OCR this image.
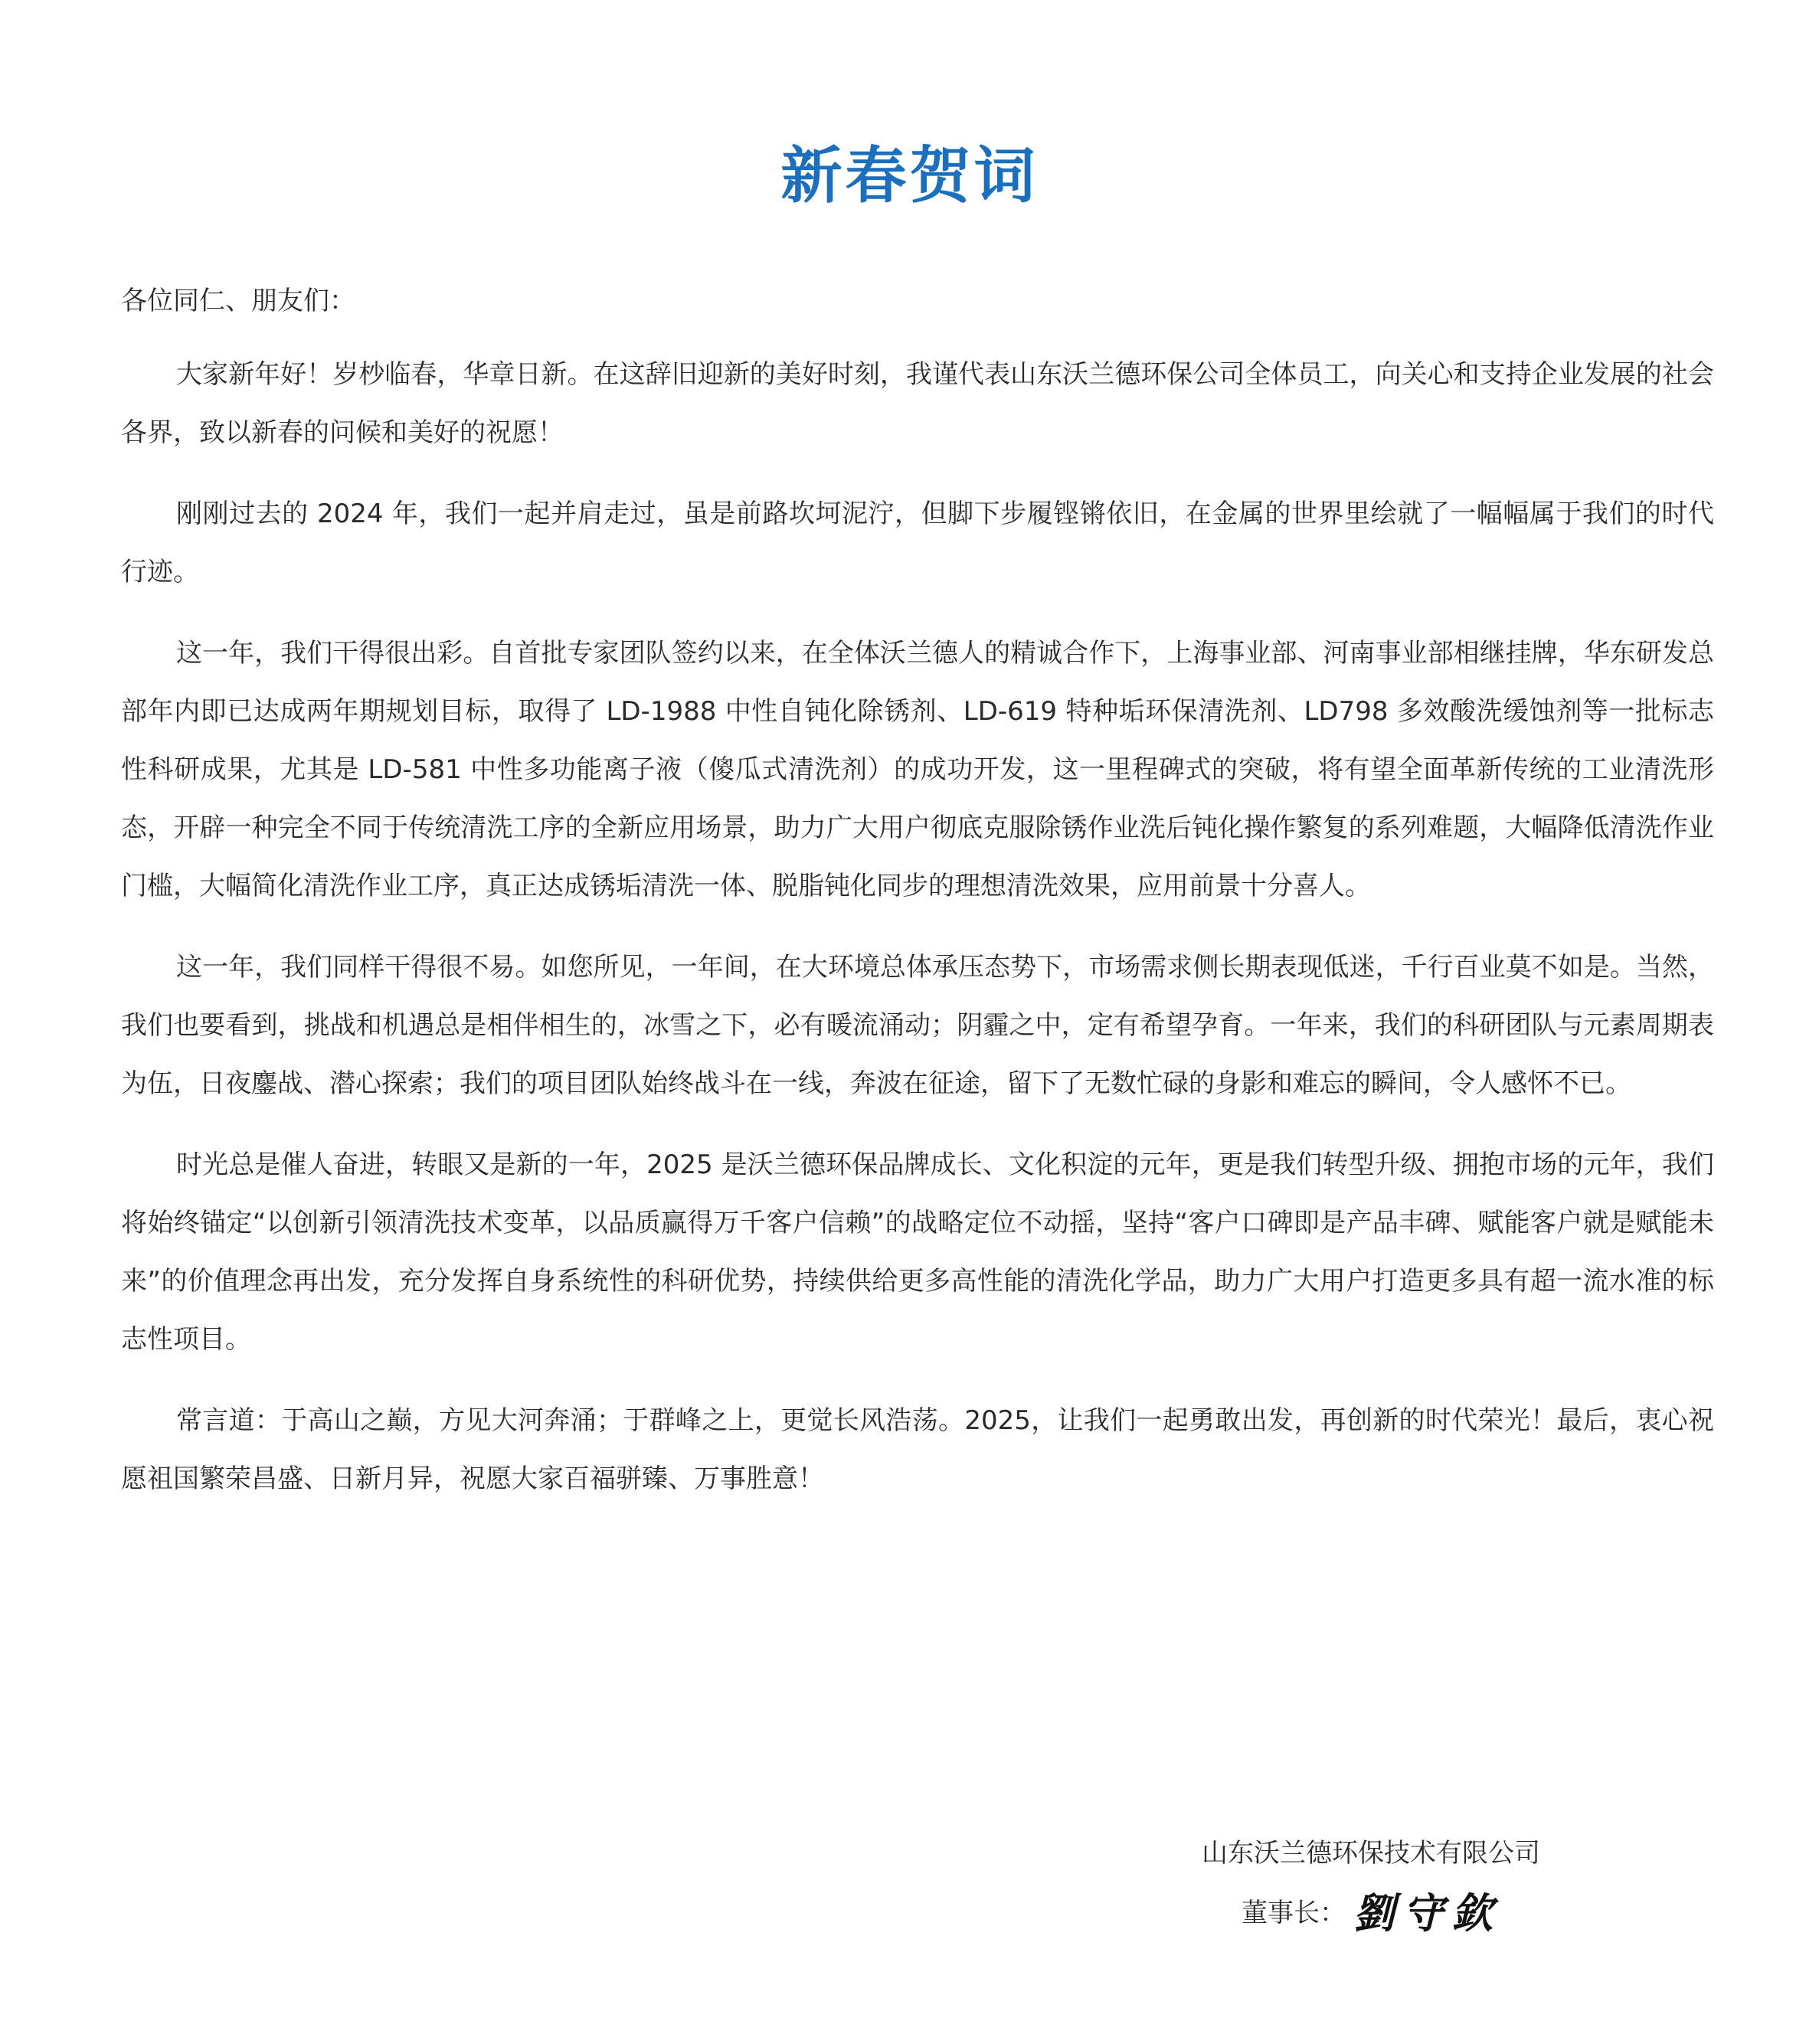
新春贺词

各位同仁、朋友们：

大家新年好！岁杪临春，华章日新。在这辞旧迎新的美好时刻，我谨代表山东沃兰德环保公司全体员工，向关心和支持企业发展的社会各界，致以新春的问候和美好的祝愿！

刚刚过去的 2024 年，我们一起并肩走过，虽是前路坎坷泥泞，但脚下步履铿锵依旧，在金属的世界里绘就了一幅幅属于我们的时代行迹。

这一年，我们干得很出彩。自首批专家团队签约以来，在全体沃兰德人的精诚合作下，上海事业部、河南事业部相继挂牌，华东研发总部年内即已达成两年期规划目标，取得了 LD-1988 中性自钝化除锈剂、LD-619 特种垢环保清洗剂、LD798 多效酸洗缓蚀剂等一批标志性科研成果，尤其是 LD-581 中性多功能离子液（傻瓜式清洗剂）的成功开发，这一里程碑式的突破，将有望全面革新传统的工业清洗形态，开辟一种完全不同于传统清洗工序的全新应用场景，助力广大用户彻底克服除锈作业洗后钝化操作繁复的系列难题，大幅降低清洗作业门槛，大幅简化清洗作业工序，真正达成锈垢清洗一体、脱脂钝化同步的理想清洗效果，应用前景十分喜人。

这一年，我们同样干得很不易。如您所见，一年间，在大环境总体承压态势下，市场需求侧长期表现低迷，千行百业莫不如是。当然，我们也要看到，挑战和机遇总是相伴相生的，冰雪之下，必有暖流涌动；阴霾之中，定有希望孕育。一年来，我们的科研团队与元素周期表为伍，日夜鏖战、潜心探索；我们的项目团队始终战斗在一线，奔波在征途，留下了无数忙碌的身影和难忘的瞬间，令人感怀不已。

时光总是催人奋进，转眼又是新的一年，2025 是沃兰德环保品牌成长、文化积淀的元年，更是我们转型升级、拥抱市场的元年，我们将始终锚定“以创新引领清洗技术变革，以品质赢得万千客户信赖”的战略定位不动摇，坚持“客户口碑即是产品丰碑、赋能客户就是赋能未来”的价值理念再出发，充分发挥自身系统性的科研优势，持续供给更多高性能的清洗化学品，助力广大用户打造更多具有超一流水准的标志性项目。

常言道：于高山之巅，方见大河奔涌；于群峰之上，更觉长风浩荡。2025，让我们一起勇敢出发，再创新的时代荣光！最后，衷心祝愿祖国繁荣昌盛、日新月异，祝愿大家百福骈臻、万事胜意！

山东沃兰德环保技术有限公司
董事长： 劉守欽
